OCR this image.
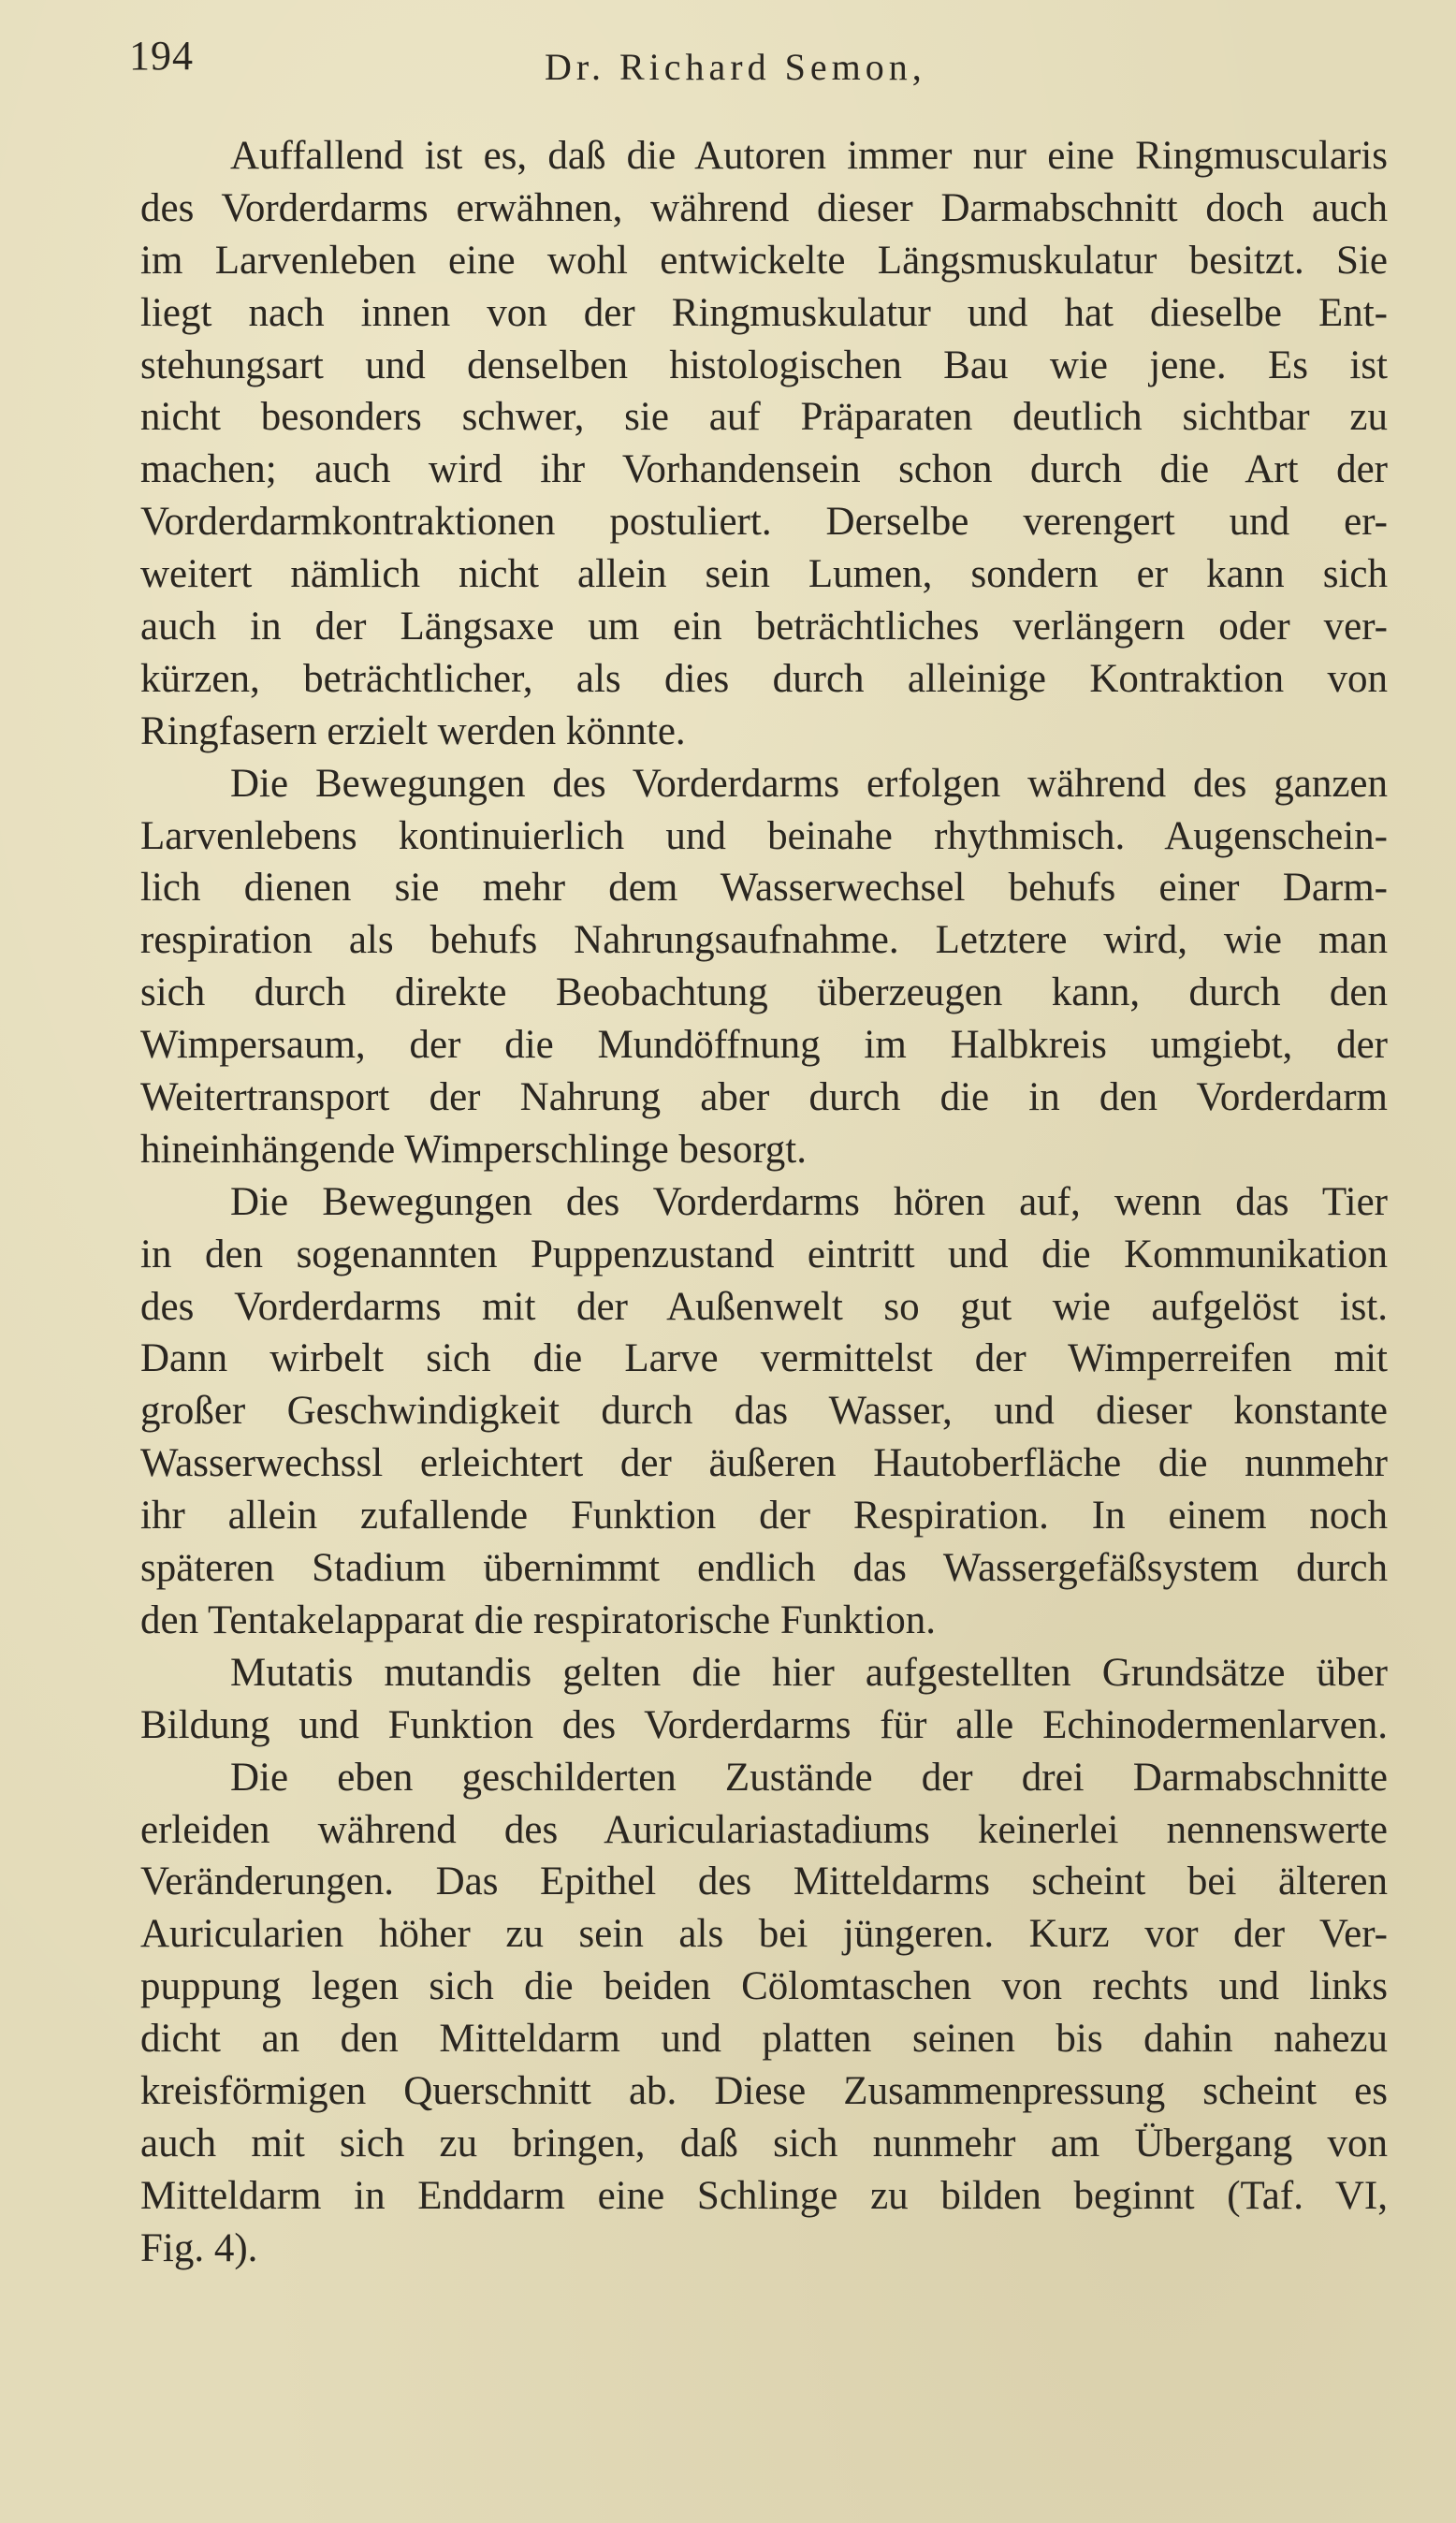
194	Dr. Richard Semon,
Auffallend ist es, daß die Autoren immer nur eine Ringmuscularis
des Vorderdarms erwähnen, während dieser Darmabschnitt doch auch
im Larvenleben eine wohl entwickelte Längsmuskulatur besitzt. Sie
liegt nach innen von der Ringmuskulatur und hat dieselbe Ent-
stehungsart und denselben histologischen Bau wie jene. Es ist
nicht besonders schwer, sie auf Präparaten deutlich sichtbar zu
machen; auch wird ihr Vorhandensein schon durch die Art der
Vorderdarmkontraktionen postuliert. Derselbe verengert und er-
weitert nämlich nicht allein sein Lumen, sondern er kann sich
auch in der Längsaxe um ein beträchtliches verlängern oder ver-
kürzen, beträchtlicher, als dies durch alleinige Kontraktion von
Ringfasern erzielt werden könnte.
Die Bewegungen des Vorderdarms erfolgen während des ganzen
Larvenlebens kontinuierlich und beinahe rhythmisch. Augenschein-
lich dienen sie mehr dem Wasserwechsel behufs einer Darm-
respiration als behufs Nahrungsaufnahme. Letztere wird, wie man
sich durch direkte Beobachtung überzeugen kann, durch den
Wimpersaum, der die Mundöffnung im Halbkreis umgiebt, der
Weitertransport der Nahrung aber durch die in den Vorderdarm
hineinhängende Wimperschlinge besorgt.
Die Bewegungen des Vorderdarms hören auf, wenn das Tier
in den sogenannten Puppenzustand eintritt und die Kommunikation
des Vorderdarms mit der Außenwelt so gut wie aufgelöst ist.
Dann wirbelt sich die Larve vermittelst der Wimperreifen mit
großer Geschwindigkeit durch das Wasser, und dieser konstante
Wasserwechssl erleichtert der äußeren Hautoberfläche die nunmehr
ihr allein zufallende Funktion der Respiration. In einem noch
späteren Stadium übernimmt endlich das Wassergefäßsystem durch
den Tentakelapparat die respiratorische Funktion.
Mutatis mutandis gelten die hier aufgestellten Grundsätze über
Bildung und Funktion des Vorderdarms für alle Echinodermenlarven.
Die eben geschilderten Zustände der drei Darmabschnitte
erleiden während des Auriculariastadiums keinerlei nennenswerte
Veränderungen. Das Epithel des Mitteldarms scheint bei älteren
Auricularien höher zu sein als bei jüngeren. Kurz vor der Ver-
puppung legen sich die beiden Cölomtaschen von rechts und links
dicht an den Mitteldarm und platten seinen bis dahin nahezu
kreisförmigen Querschnitt ab. Diese Zusammenpressung scheint es
auch mit sich zu bringen, daß sich nunmehr am Übergang von
Mitteldarm in Enddarm eine Schlinge zu bilden beginnt (Taf. VI,
Fig. 4).
